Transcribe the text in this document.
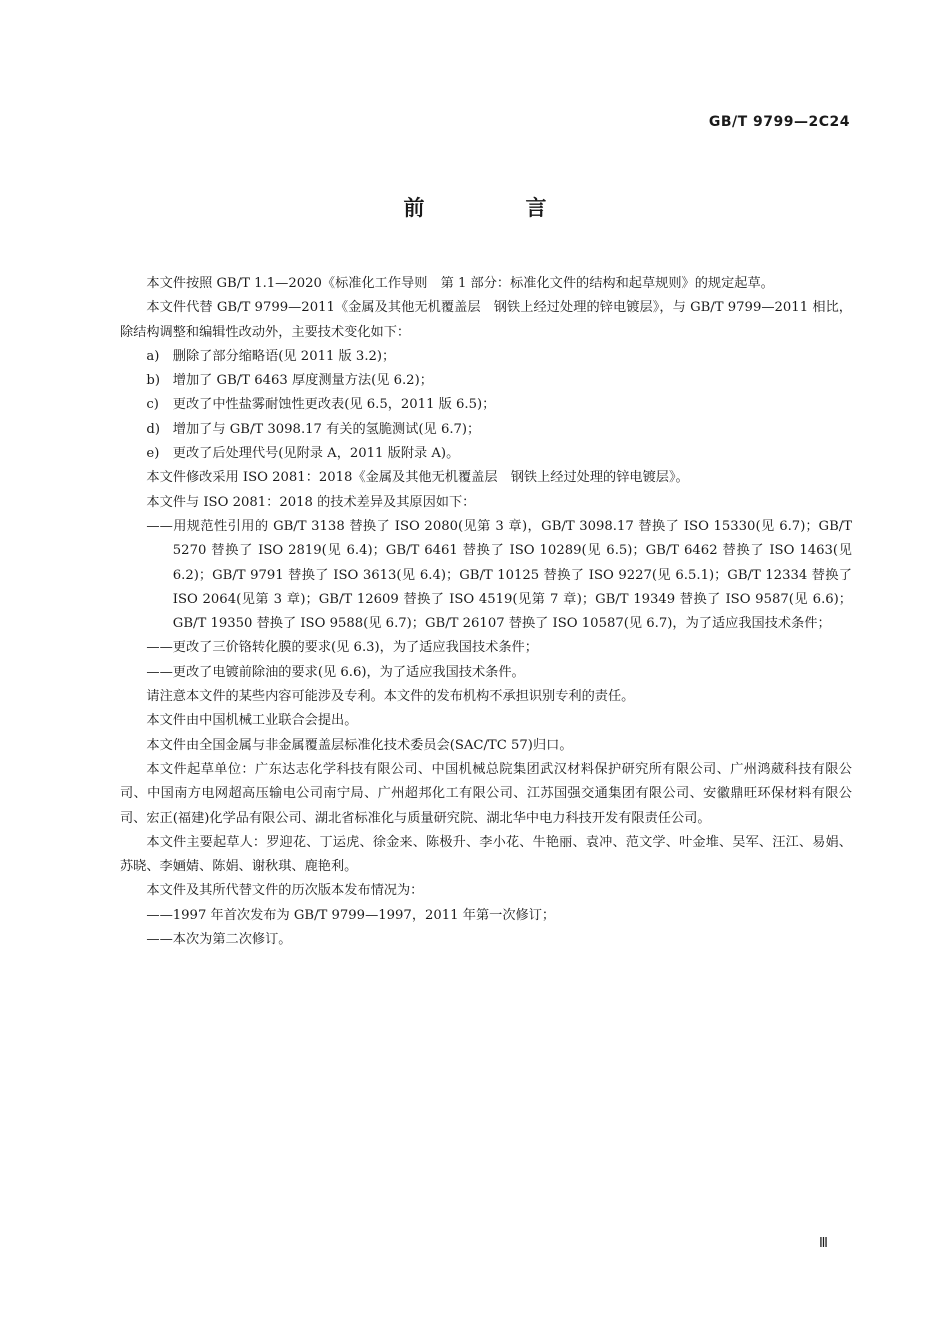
GB/T 9799—2C24
前　言

本文件按照 GB/T 1.1—2020《标准化工作导则　第 1 部分：标准化文件的结构和起草规则》的规定起草。

本文件代替 GB/T 9799—2011《金属及其他无机覆盖层　钢铁上经过处理的锌电镀层》，与 GB/T 9799—2011 相比，除结构调整和编辑性改动外，主要技术变化如下：

a) 删除了部分缩略语(见 2011 版 3.2)；

b) 增加了 GB/T 6463 厚度测量方法(见 6.2)；

c) 更改了中性盐雾耐蚀性更改表(见 6.5，2011 版 6.5)；

d) 增加了与 GB/T 3098.17 有关的氢脆测试(见 6.7)；

e) 更改了后处理代号(见附录 A，2011 版附录 A)。

本文件修改采用 ISO 2081：2018《金属及其他无机覆盖层　钢铁上经过处理的锌电镀层》。

本文件与 ISO 2081：2018 的技术差异及其原因如下：

——用规范性引用的 GB/T 3138 替换了 ISO 2080(见第 3 章)，GB/T 3098.17 替换了 ISO 15330(见 6.7)；GB/T 5270 替换了 ISO 2819(见 6.4)；GB/T 6461 替换了 ISO 10289(见 6.5)；GB/T 6462 替换了 ISO 1463(见 6.2)；GB/T 9791 替换了 ISO 3613(见 6.4)；GB/T 10125 替换了 ISO 9227(见 6.5.1)；GB/T 12334 替换了 ISO 2064(见第 3 章)；GB/T 12609 替换了 ISO 4519(见第 7 章)；GB/T 19349 替换了 ISO 9587(见 6.6)；GB/T 19350 替换了 ISO 9588(见 6.7)；GB/T 26107 替换了 ISO 10587(见 6.7)，为了适应我国技术条件；

——更改了三价铬转化膜的要求(见 6.3)，为了适应我国技术条件；

——更改了电镀前除油的要求(见 6.6)，为了适应我国技术条件。

请注意本文件的某些内容可能涉及专利。本文件的发布机构不承担识别专利的责任。

本文件由中国机械工业联合会提出。

本文件由全国金属与非金属覆盖层标准化技术委员会(SAC/TC 57)归口。

本文件起草单位：广东达志化学科技有限公司、中国机械总院集团武汉材料保护研究所有限公司、广州鸿葳科技有限公司、中国南方电网超高压输电公司南宁局、广州超邦化工有限公司、江苏国强交通集团有限公司、安徽鼎旺环保材料有限公司、宏正(福建)化学品有限公司、湖北省标准化与质量研究院、湖北华中电力科技开发有限责任公司。

本文件主要起草人：罗迎花、丁运虎、徐金来、陈极升、李小花、牛艳丽、袁冲、范文学、叶金堆、吴军、汪江、易娟、苏晓、李婳婧、陈娟、谢秋琪、鹿艳利。

本文件及其所代替文件的历次版本发布情况为：

——1997 年首次发布为 GB/T 9799—1997，2011 年第一次修订；

——本次为第二次修订。

Ⅲ
